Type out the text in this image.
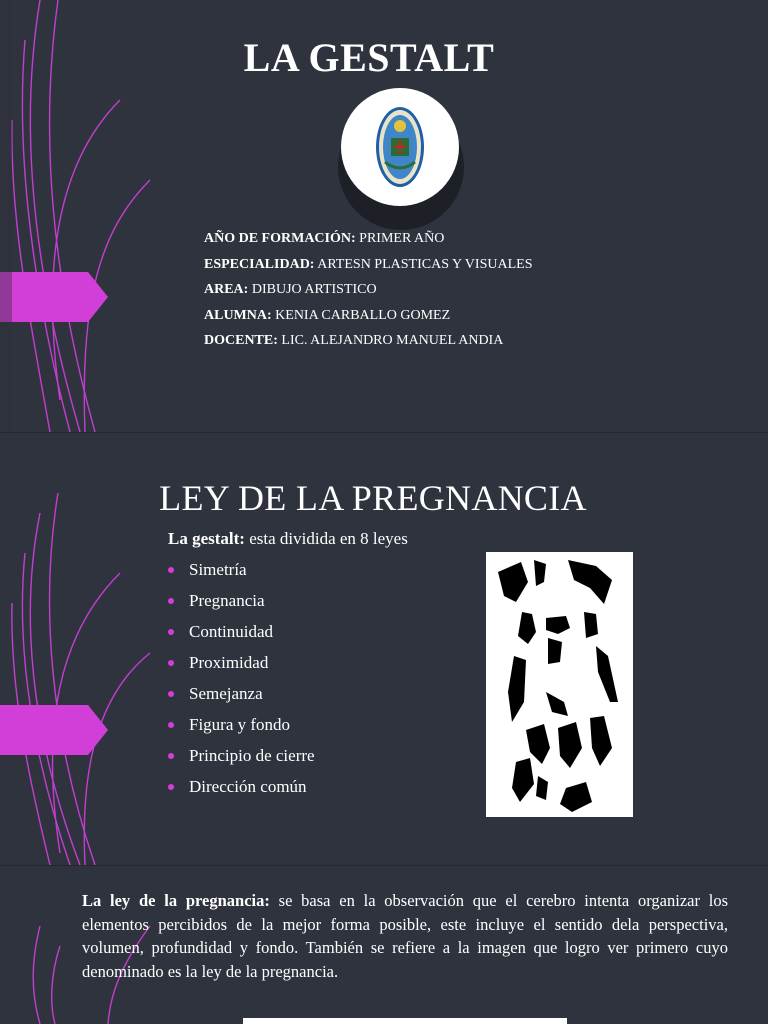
LA GESTALT
AÑO DE FORMACIÓN: PRIMER AÑO
ESPECIALIDAD: ARTESN PLASTICAS Y VISUALES
AREA: DIBUJO ARTISTICO
ALUMNA: KENIA CARBALLO GOMEZ
DOCENTE: LIC. ALEJANDRO MANUEL ANDIA
LEY DE LA PREGNANCIA
La gestalt: esta dividida en 8 leyes
Simetría
Pregnancia
Continuidad
Proximidad
Semejanza
Figura y fondo
Principio de cierre
Dirección común
La ley de la pregnancia: se basa en la observación que el cerebro intenta organizar los elementos percibidos de la mejor forma posible, este incluye el sentido dela perspectiva, volumen, profundidad y fondo. También se refiere a la imagen que logro ver primero cuyo denominado es la ley de la pregnancia.
